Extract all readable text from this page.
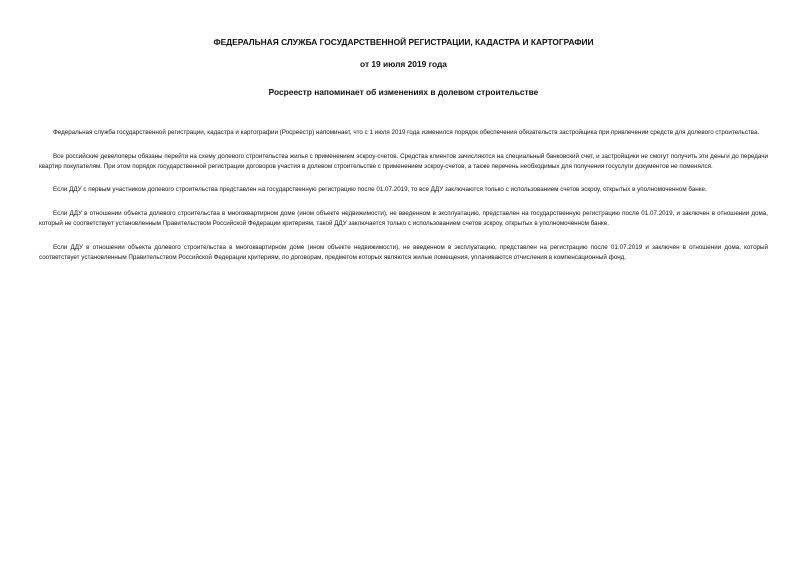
ФЕДЕРАЛЬНАЯ СЛУЖБА ГОСУДАРСТВЕННОЙ РЕГИСТРАЦИИ, КАДАСТРА И КАРТОГРАФИИ

от 19 июля 2019 года

Росреестр напоминает об изменениях в долевом строительстве

Федеральная служба государственной регистрации, кадастра и картографии (Росреестр) напоминает, что с 1 июля 2019 года изменился порядок обеспечения обязательств застройщика при привлечении средств для долевого строительства.

Все российские девелоперы обязаны перейти на схему долевого строительства жилья с применением эскроу-счетов. Средства клиентов зачисляются на специальный банковский счет, и застройщики не смогут получить эти деньги до передачи квартир покупателям. При этом порядок государственной регистрации договоров участия в долевом строительстве с применением эскроу-счетов, а также перечень необходимых для получения госуслуги документов не поменялся.

Если ДДУ с первым участником долевого строительства представлен на государственную регистрацию после 01.07.2019, то все ДДУ заключаются только с использованием счетов эскроу, открытых в уполномоченном банке.

Если ДДУ в отношении объекта долевого строительства в многоквартирном доме (ином объекте недвижимости), не введенном в эксплуатацию, представлен на государственную регистрацию после 01.07.2019, и заключен в отношении дома, который не соответствует установленным Правительством Российской Федерации критериям, такой ДДУ заключается только с использованием счетов эскроу, открытых в уполномоченном банке.

Если ДДУ в отношении объекта долевого строительства в многоквартирном доме (ином объекте недвижимости), не введенном в эксплуатацию, представлен на регистрацию после 01.07.2019 и заключен в отношении дома, который соответствует установленным Правительством Российской Федерации критериям, по договорам, предметом которых являются жилые помещения, уплачиваются отчисления в компенсационный фонд.
